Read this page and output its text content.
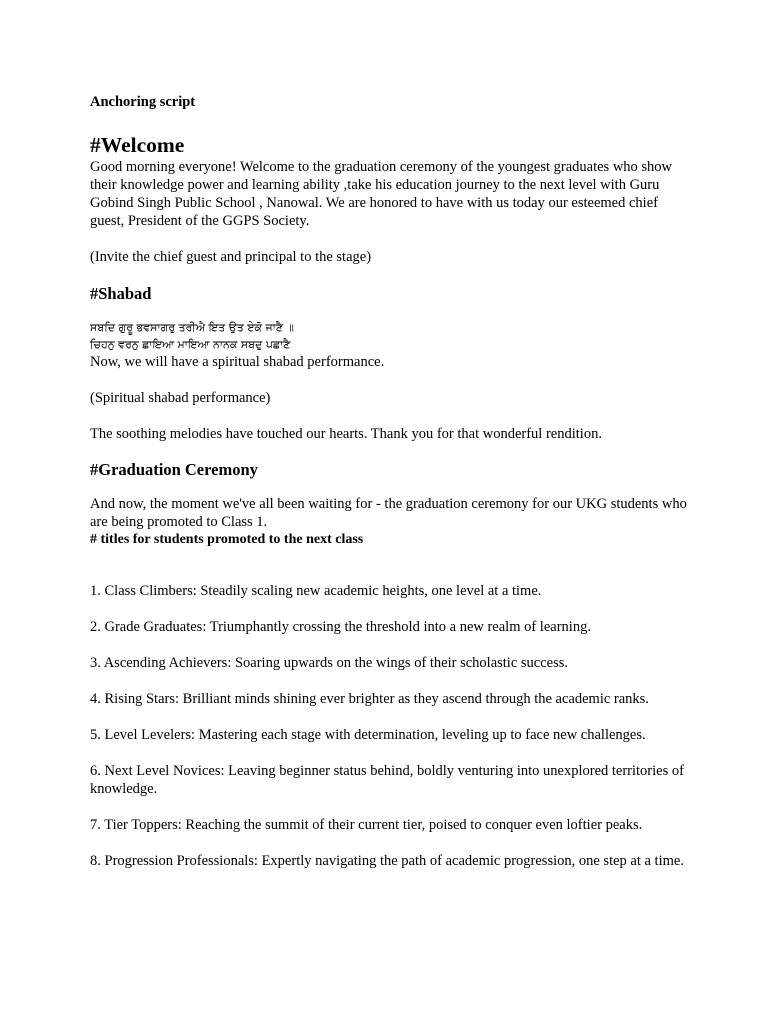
Anchoring script

#Welcome

Good morning everyone! Welcome to the graduation ceremony of the youngest graduates who show their knowledge power and learning ability ,take his education journey to the next level with Guru Gobind Singh Public School , Nanowal. We are honored to have with us today our esteemed chief guest, President of the GGPS Society.

(Invite the chief guest and principal to the stage)

#Shabad

ਸਬਦਿ ਗੁਰੂ ਭਵਸਾਗਰੁ ਤਰੀਐ ਇਤ ਉਤ ਏਕੋ ਜਾਣੈ ॥

ਚਿਹਨੁ ਵਰਨੁ ਛਾਇਆ ਮਾਇਆ ਨਾਨਕ ਸਬਦੁ ਪਛਾਣੈ

Now, we will have a spiritual shabad performance.

(Spiritual shabad performance)

The soothing melodies have touched our hearts. Thank you for that wonderful rendition.

#Graduation Ceremony

And now, the moment we've all been waiting for - the graduation ceremony for our UKG students who are being promoted to Class 1.

# titles for students promoted to the next class

1. Class Climbers: Steadily scaling new academic heights, one level at a time.

2. Grade Graduates: Triumphantly crossing the threshold into a new realm of learning.

3. Ascending Achievers: Soaring upwards on the wings of their scholastic success.

4. Rising Stars: Brilliant minds shining ever brighter as they ascend through the academic ranks.

5. Level Levelers: Mastering each stage with determination, leveling up to face new challenges.

6. Next Level Novices: Leaving beginner status behind, boldly venturing into unexplored territories of knowledge.

7. Tier Toppers: Reaching the summit of their current tier, poised to conquer even loftier peaks.

8. Progression Professionals: Expertly navigating the path of academic progression, one step at a time.
